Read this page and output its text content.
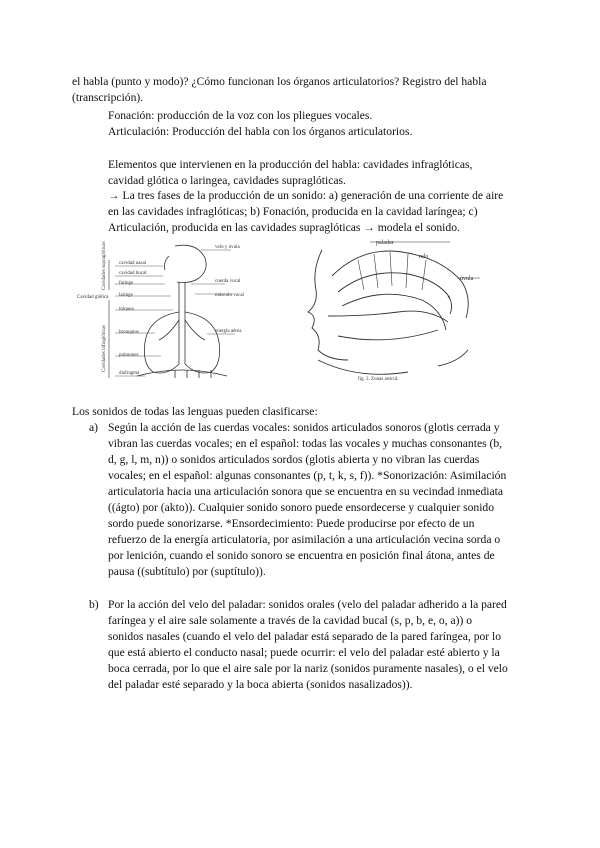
el habla (punto y modo)? ¿Cómo funcionan los órganos articulatorios? Registro del habla
(transcripción).
Fonación: producción de la voz con los pliegues vocales.
Articulación: Producción del habla con los órganos articulatorios.
Elementos que intervienen en la producción del habla: cavidades infraglóticas,
cavidad glótica o laringea, cavidades supraglóticas.
→ La tres fases de la producción de un sonido: a) generación de una corriente de aire
en las cavidades infraglóticas; b) Fonación, producida en la cavidad laríngea; c)
Articulación, producida en las cavidades supraglóticas → modela el sonido.
cavidad nasal
cavidad bucal
faringe
laringe
tráquea
bronquios
pulmones
diafragma
Cavidad glótica
Cavidades supraglóticas
Cavidades infraglóticas
velo y úvula
cuerda vocal
músculo vocal
energía aérea
paladar
velo
úvula
fig. 3. Zonas articul.
Los sonidos de todas las lenguas pueden clasificarse:
a) Según la acción de las cuerdas vocales: sonidos articulados sonoros (glotis cerrada y
vibran las cuerdas vocales; en el español: todas las vocales y muchas consonantes (b,
d, g, l, m, n)) o sonidos articulados sordos (glotis abierta y no vibran las cuerdas
vocales; en el español: algunas consonantes (p, t, k, s, f)). *Sonorización: Asimilación
articulatoria hacia una articulación sonora que se encuentra en su vecindad inmediata
((ágto) por (akto)). Cualquier sonido sonoro puede ensordecerse y cualquier sonido
sordo puede sonorizarse. *Ensordecimiento: Puede producirse por efecto de un
refuerzo de la energía articulatoria, por asimilación a una articulación vecina sorda o
por lenición, cuando el sonido sonoro se encuentra en posición final átona, antes de
pausa ((subtítulo) por (suptítulo)).
b) Por la acción del velo del paladar: sonidos orales (velo del paladar adherido a la pared
faríngea y el aire sale solamente a través de la cavidad bucal (s, p, b, e, o, a)) o
sonidos nasales (cuando el velo del paladar está separado de la pared faríngea, por lo
que está abierto el conducto nasal; puede ocurrir: el velo del paladar esté abierto y la
boca cerrada, por lo que el aire sale por la nariz (sonidos puramente nasales), o el velo
del paladar esté separado y la boca abierta (sonidos nasalizados)).
